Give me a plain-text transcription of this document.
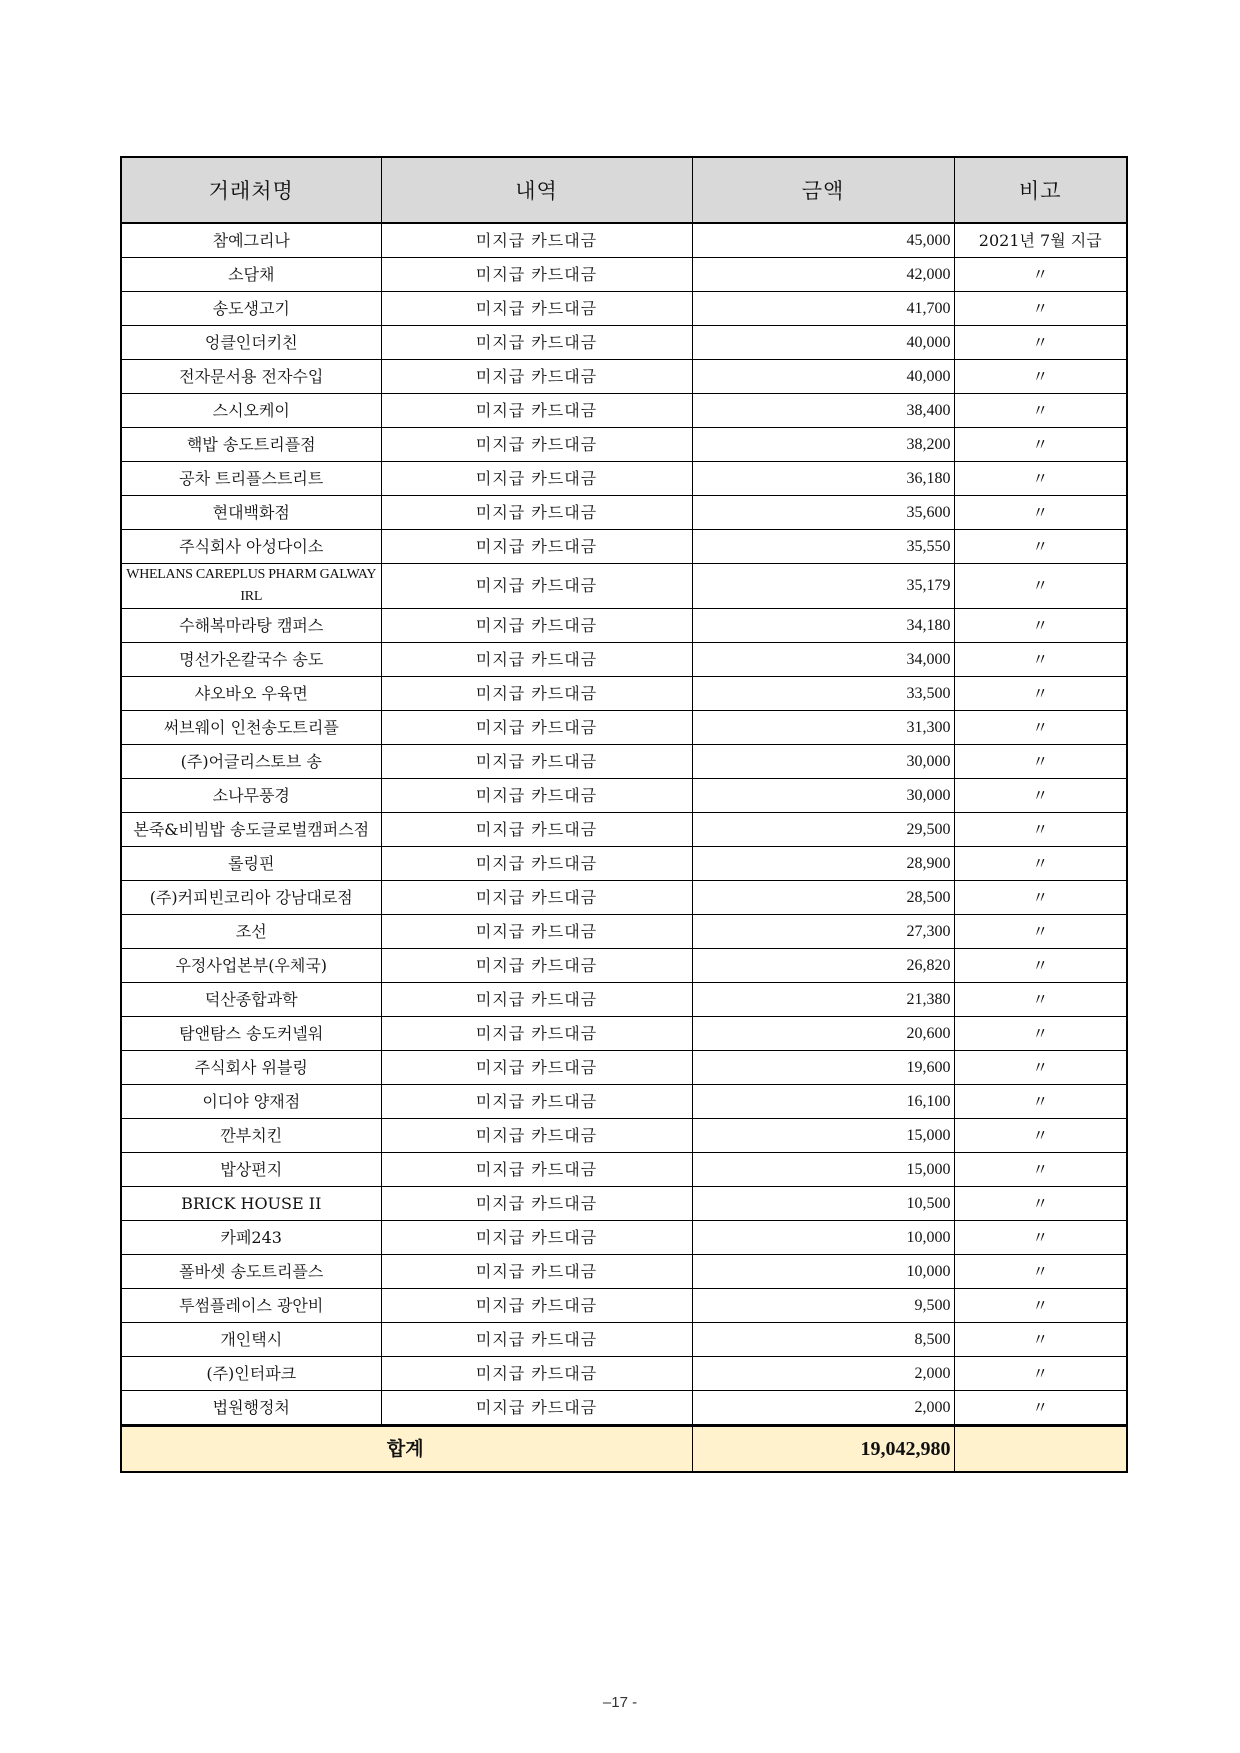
거래처명	내역	금액	비고
참예그리나	미지급 카드대금	45,000	2021년 7월 지급
소담채	미지급 카드대금	42,000	〃
송도생고기	미지급 카드대금	41,700	〃
엉클인더키친	미지급 카드대금	40,000	〃
전자문서용 전자수입	미지급 카드대금	40,000	〃
스시오케이	미지급 카드대금	38,400	〃
핵밥 송도트리플점	미지급 카드대금	38,200	〃
공차 트리플스트리트	미지급 카드대금	36,180	〃
현대백화점	미지급 카드대금	35,600	〃
주식회사 아성다이소	미지급 카드대금	35,550	〃
WHELANS CAREPLUS PHARM GALWAY IRL	미지급 카드대금	35,179	〃
수해복마라탕 캠퍼스	미지급 카드대금	34,180	〃
명선가온칼국수 송도	미지급 카드대금	34,000	〃
샤오바오 우육면	미지급 카드대금	33,500	〃
써브웨이 인천송도트리플	미지급 카드대금	31,300	〃
(주)어글리스토브 송	미지급 카드대금	30,000	〃
소나무풍경	미지급 카드대금	30,000	〃
본죽&비빔밥 송도글로벌캠퍼스점	미지급 카드대금	29,500	〃
롤링핀	미지급 카드대금	28,900	〃
(주)커피빈코리아 강남대로점	미지급 카드대금	28,500	〃
조선	미지급 카드대금	27,300	〃
우정사업본부(우체국)	미지급 카드대금	26,820	〃
덕산종합과학	미지급 카드대금	21,380	〃
탐앤탐스 송도커넬워	미지급 카드대금	20,600	〃
주식회사 위블링	미지급 카드대금	19,600	〃
이디야 양재점	미지급 카드대금	16,100	〃
깐부치킨	미지급 카드대금	15,000	〃
밥상편지	미지급 카드대금	15,000	〃
BRICK HOUSE II	미지급 카드대금	10,500	〃
카페243	미지급 카드대금	10,000	〃
폴바셋 송도트리플스	미지급 카드대금	10,000	〃
투썸플레이스 광안비	미지급 카드대금	9,500	〃
개인택시	미지급 카드대금	8,500	〃
(주)인터파크	미지급 카드대금	2,000	〃
법원행정처	미지급 카드대금	2,000	〃
합계		19,042,980	
–17 -
